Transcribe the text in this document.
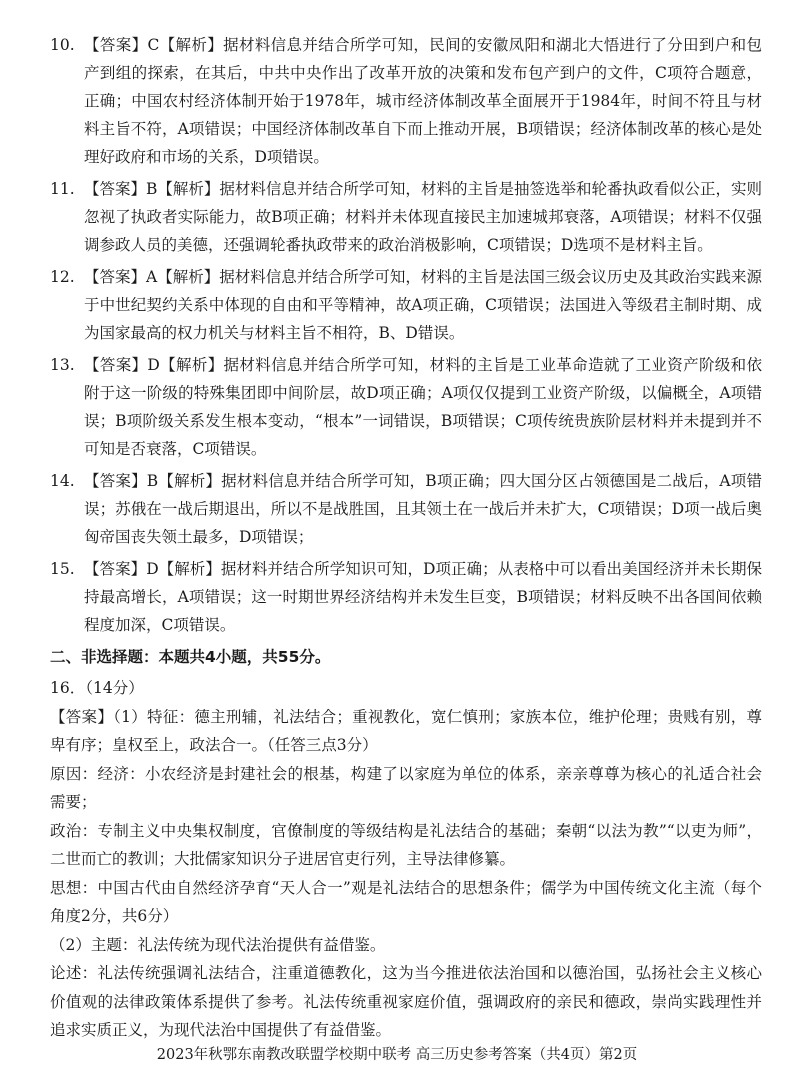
10. 【答案】C【解析】据材料信息并结合所学可知，民间的安徽凤阳和湖北大悟进行了分田到户和包产到组的探索，在其后，中共中央作出了改革开放的决策和发布包产到户的文件，C项符合题意，正确；中国农村经济体制开始于1978年，城市经济体制改革全面展开于1984年，时间不符且与材料主旨不符，A项错误；中国经济体制改革自下而上推动开展，B项错误；经济体制改革的核心是处理好政府和市场的关系，D项错误。
11. 【答案】B【解析】据材料信息并结合所学可知，材料的主旨是抽签选举和轮番执政看似公正，实则忽视了执政者实际能力，故B项正确；材料并未体现直接民主加速城邦衰落，A项错误；材料不仅强调参政人员的美德，还强调轮番执政带来的政治消极影响，C项错误；D选项不是材料主旨。
12. 【答案】A【解析】据材料信息并结合所学可知，材料的主旨是法国三级会议历史及其政治实践来源于中世纪契约关系中体现的自由和平等精神，故A项正确，C项错误；法国进入等级君主制时期、成为国家最高的权力机关与材料主旨不相符，B、D错误。
13. 【答案】D【解析】据材料信息并结合所学可知，材料的主旨是工业革命造就了工业资产阶级和依附于这一阶级的特殊集团即中间阶层，故D项正确；A项仅仅提到工业资产阶级，以偏概全，A项错误；B项阶级关系发生根本变动，“根本”一词错误，B项错误；C项传统贵族阶层材料并未提到并不可知是否衰落，C项错误。
14. 【答案】B【解析】据材料信息并结合所学可知，B项正确；四大国分区占领德国是二战后，A项错误；苏俄在一战后期退出，所以不是战胜国，且其领土在一战后并未扩大，C项错误；D项一战后奥匈帝国丧失领土最多，D项错误；
15. 【答案】D【解析】据材料并结合所学知识可知，D项正确；从表格中可以看出美国经济并未长期保持最高增长，A项错误；这一时期世界经济结构并未发生巨变，B项错误；材料反映不出各国间依赖程度加深，C项错误。
二、非选择题：本题共4小题，共55分。

16．（14分）

【答案】（1）特征：德主刑辅，礼法结合；重视教化，宽仁慎刑；家族本位，维护伦理；贵贱有别，尊卑有序；皇权至上，政法合一。（任答三点3分）

原因：经济：小农经济是封建社会的根基，构建了以家庭为单位的体系，亲亲尊尊为核心的礼适合社会需要；

政治：专制主义中央集权制度，官僚制度的等级结构是礼法结合的基础；秦朝“以法为教”“以吏为师”，二世而亡的教训；大批儒家知识分子进居官吏行列，主导法律修纂。

思想：中国古代由自然经济孕育“天人合一”观是礼法结合的思想条件；儒学为中国传统文化主流（每个角度2分，共6分）

（2）主题：礼法传统为现代法治提供有益借鉴。

论述：礼法传统强调礼法结合，注重道德教化，这为当今推进依法治国和以德治国，弘扬社会主义核心价值观的法律政策体系提供了参考。礼法传统重视家庭价值，强调政府的亲民和德政，崇尚实践理性并追求实质正义，为现代法治中国提供了有益借鉴。

2023年秋鄂东南教改联盟学校期中联考 高三历史参考答案（共4页）第2页
